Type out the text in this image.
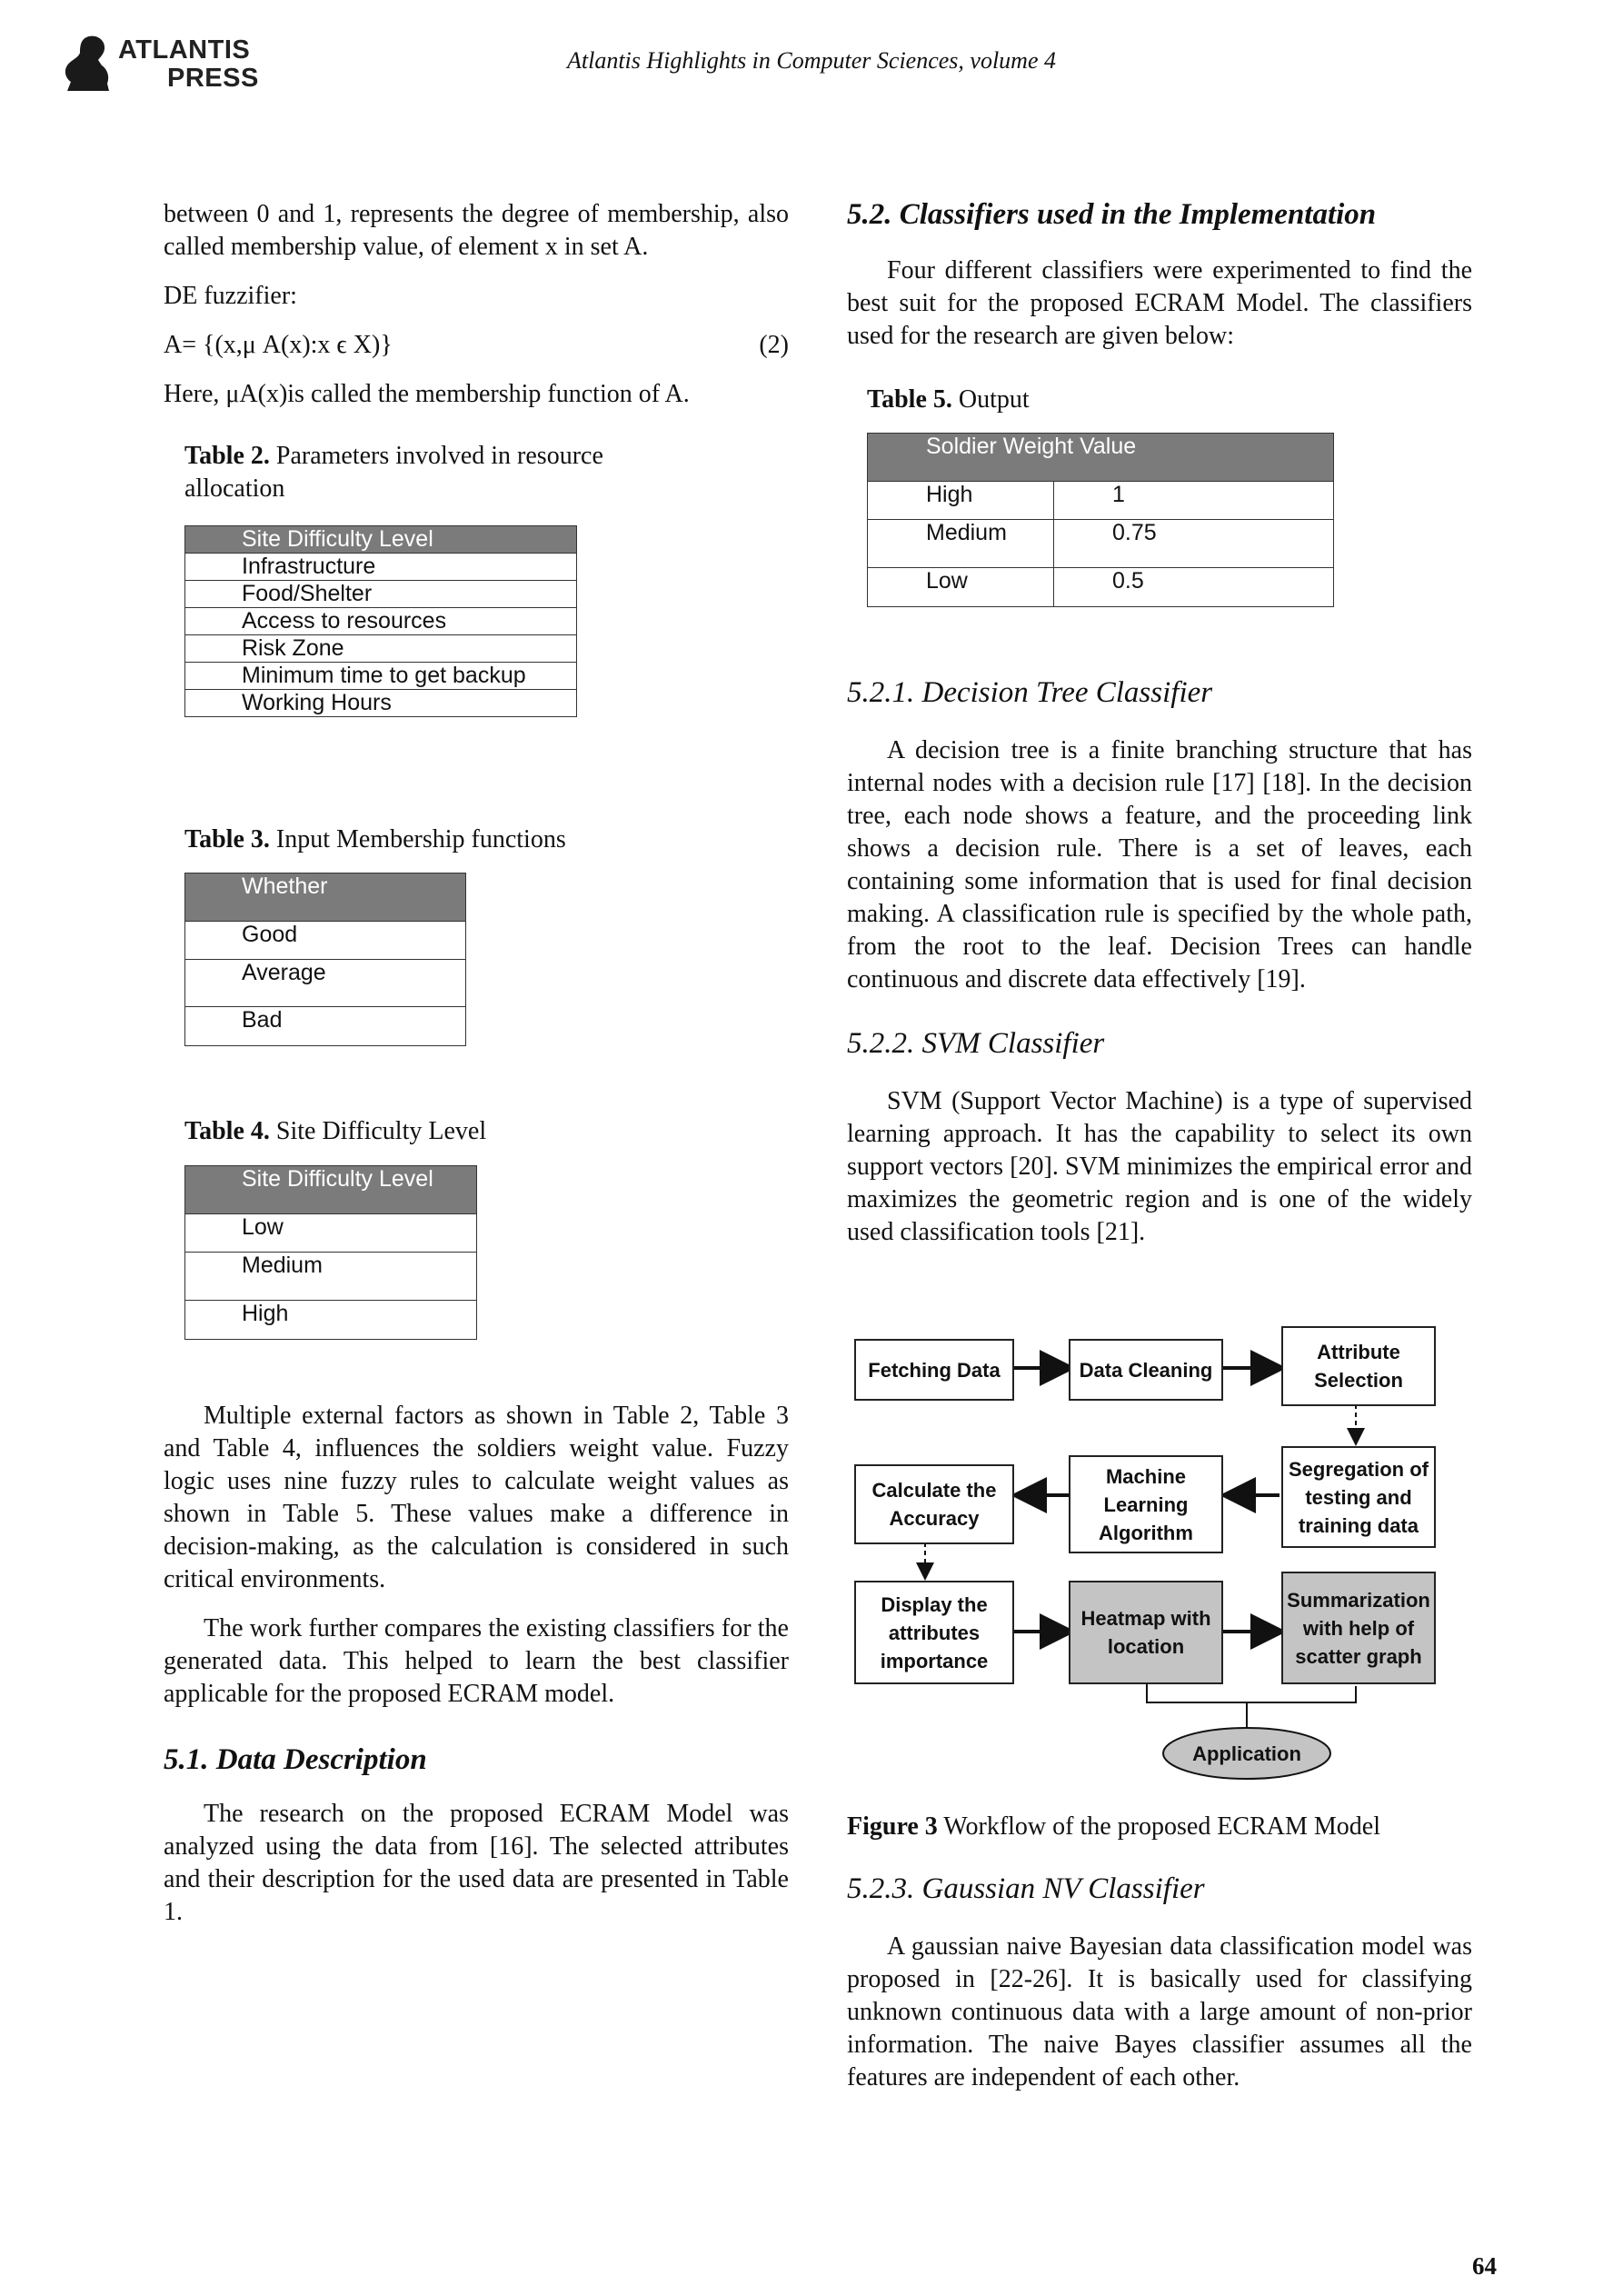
ATLANTIS
PRESS
Atlantis Highlights in Computer Sciences, volume 4

between 0 and 1, represents the degree of membership, also called membership value, of element x in set A.

DE fuzzifier:

A= {(x,μ A(x):x ϵ X)}	(2)

Here, μA(x)is called the membership function of A.

Table 2. Parameters involved in resource allocation

Site Difficulty Level
Infrastructure
Food/Shelter
Access to resources
Risk Zone
Minimum time to get backup
Working Hours

Table 3. Input Membership functions

Whether
Good
Average
Bad

Table 4. Site Difficulty Level

Site Difficulty Level
Low
Medium
High

Multiple external factors as shown in Table 2, Table 3 and Table 4, influences the soldiers weight value. Fuzzy logic uses nine fuzzy rules to calculate weight values as shown in Table 5. These values make a difference in decision-making, as the calculation is considered in such critical environments.

The work further compares the existing classifiers for the generated data. This helped to learn the best classifier applicable for the proposed ECRAM model.

5.1. Data Description

The research on the proposed ECRAM Model was analyzed using the data from [16]. The selected attributes and their description for the used data are presented in Table 1.

5.2. Classifiers used in the Implementation

Four different classifiers were experimented to find the best suit for the proposed ECRAM Model. The classifiers used for the research are given below:

Table 5. Output

Soldier Weight Value	
High	1
Medium	0.75
Low	0.5
5.2.1. Decision Tree Classifier

A decision tree is a finite branching structure that has internal nodes with a decision rule [17] [18]. In the decision tree, each node shows a feature, and the proceeding link shows a decision rule. There is a set of leaves, each containing some information that is used for final decision making. A classification rule is specified by the whole path, from the root to the leaf. Decision Trees can handle continuous and discrete data effectively [19].

5.2.2. SVM Classifier

SVM (Support Vector Machine) is a type of supervised learning approach. It has the capability to select its own support vectors [20]. SVM minimizes the empirical error and maximizes the geometric region and is one of the widely used classification tools [21].

Fetching Data	Data Cleaning
Attribute Selection
Calculate the Accuracy
Machine Learning Algorithm
Segregation of testing and training data
Display the attributes importance
Heatmap with location
Summarization with help of scatter graph
Application

Figure 3 Workflow of the proposed ECRAM Model

5.2.3. Gaussian NV Classifier

A gaussian naive Bayesian data classification model was proposed in [22-26]. It is basically used for classifying unknown continuous data with a large amount of non-prior information. The naive Bayes classifier assumes all the features are independent of each other.

64
